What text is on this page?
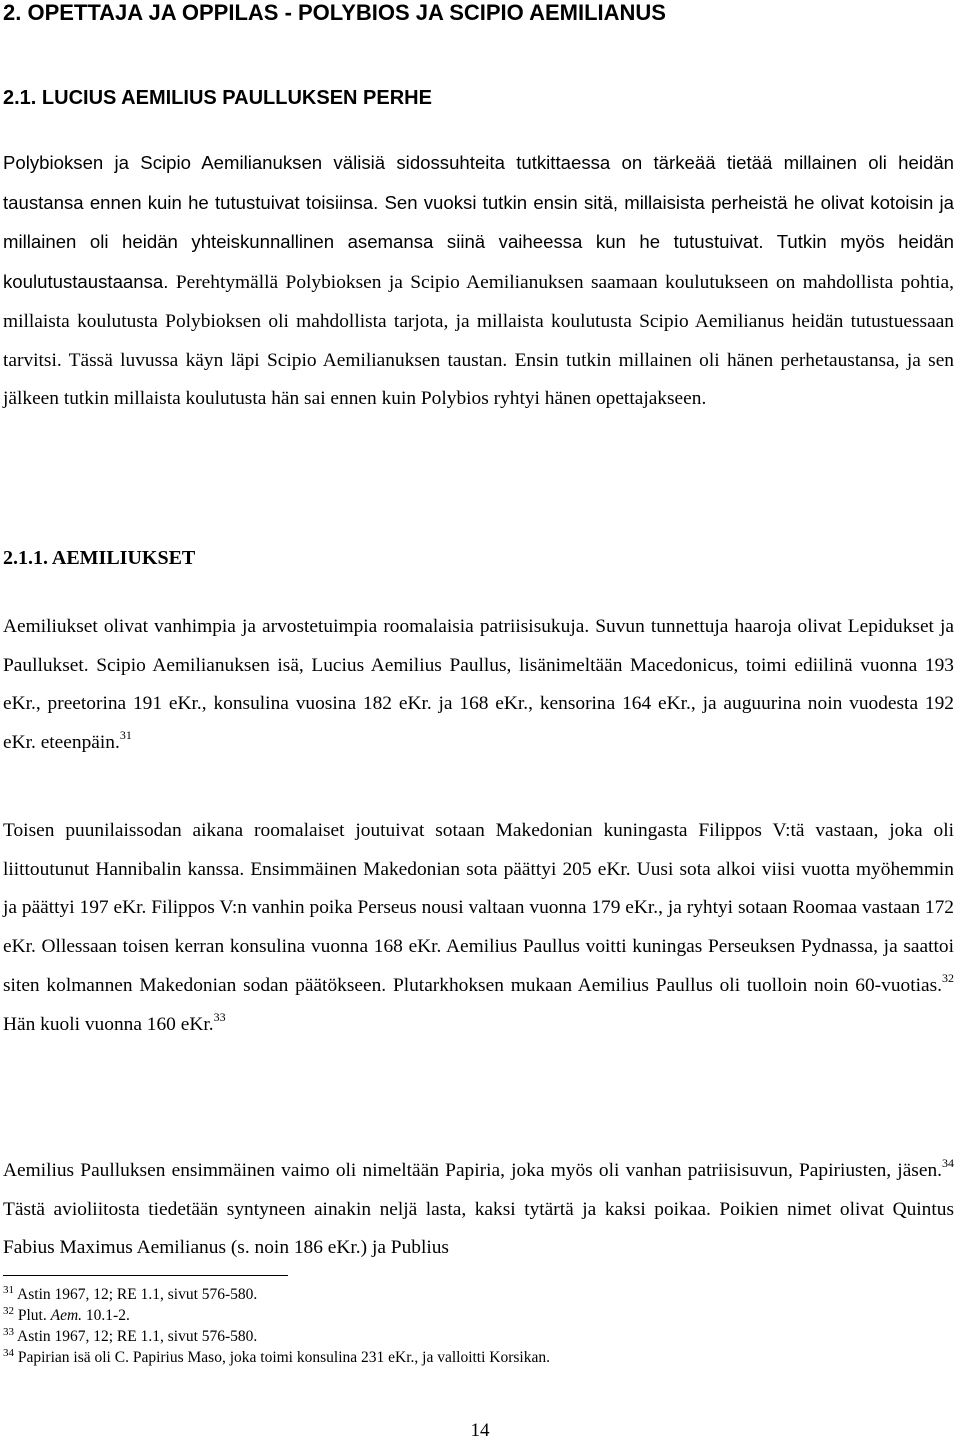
2. OPETTAJA JA OPPILAS - POLYBIOS JA SCIPIO AEMILIANUS
2.1. LUCIUS AEMILIUS PAULLUKSEN PERHE

Polybioksen ja Scipio Aemilianuksen välisiä sidossuhteita tutkittaessa on tärkeää tietää millainen oli heidän taustansa ennen kuin he tutustuivat toisiinsa. Sen vuoksi tutkin ensin sitä, millaisista perheistä he olivat kotoisin ja millainen oli heidän yhteiskunnallinen asemansa siinä vaiheessa kun he tutustuivat. Tutkin myös heidän koulutustaustaansa. Perehtymällä Polybioksen ja Scipio Aemilianuksen saamaan koulutukseen on mahdollista pohtia, millaista koulutusta Polybioksen oli mahdollista tarjota, ja millaista koulutusta Scipio Aemilianus heidän tutustuessaan tarvitsi. Tässä luvussa käyn läpi Scipio Aemilianuksen taustan. Ensin tutkin millainen oli hänen perhetaustansa, ja sen jälkeen tutkin millaista koulutusta hän sai ennen kuin Polybios ryhtyi hänen opettajakseen.

2.1.1. AEMILIUKSET

Aemiliukset olivat vanhimpia ja arvostetuimpia roomalaisia patriisisukuja. Suvun tunnettuja haaroja olivat Lepidukset ja Paullukset. Scipio Aemilianuksen isä, Lucius Aemilius Paullus, lisänimeltään Macedonicus, toimi ediilinä vuonna 193 eKr., preetorina 191 eKr., konsulina vuosina 182 eKr. ja 168 eKr., kensorina 164 eKr., ja auguurina noin vuodesta 192 eKr. eteenpäin.$^{31}$

Toisen puunilaissodan aikana roomalaiset joutuivat sotaan Makedonian kuningasta Filippos V:tä vastaan, joka oli liittoutunut Hannibalin kanssa. Ensimmäinen Makedonian sota päättyi 205 eKr. Uusi sota alkoi viisi vuotta myöhemmin ja päättyi 197 eKr. Filippos V:n vanhin poika Perseus nousi valtaan vuonna 179 eKr., ja ryhtyi sotaan Roomaa vastaan 172 eKr. Ollessaan toisen kerran konsulina vuonna 168 eKr. Aemilius Paullus voitti kuningas Perseuksen Pydnassa, ja saattoi siten kolmannen Makedonian sodan päätökseen. Plutarkhoksen mukaan Aemilius Paullus oli tuolloin noin 60-vuotias.$^{32}$ Hän kuoli vuonna 160 eKr.$^{33}$

Aemilius Paulluksen ensimmäinen vaimo oli nimeltään Papiria, joka myös oli vanhan patriisisuvun, Papiriusten, jäsen.$^{34}$ Tästä avioliitosta tiedetään syntyneen ainakin neljä lasta, kaksi tytärtä ja kaksi poikaa. Poikien nimet olivat Quintus Fabius Maximus Aemilianus (s. noin 186 eKr.) ja Publius

$^{31}$ Astin 1967, 12; RE 1.1, sivut 576-580.

$^{32}$ Plut. Aem. 10.1-2.

$^{33}$ Astin 1967, 12; RE 1.1, sivut 576-580.

$^{34}$ Papirian isä oli C. Papirius Maso, joka toimi konsulina 231 eKr., ja valloitti Korsikan.

14
